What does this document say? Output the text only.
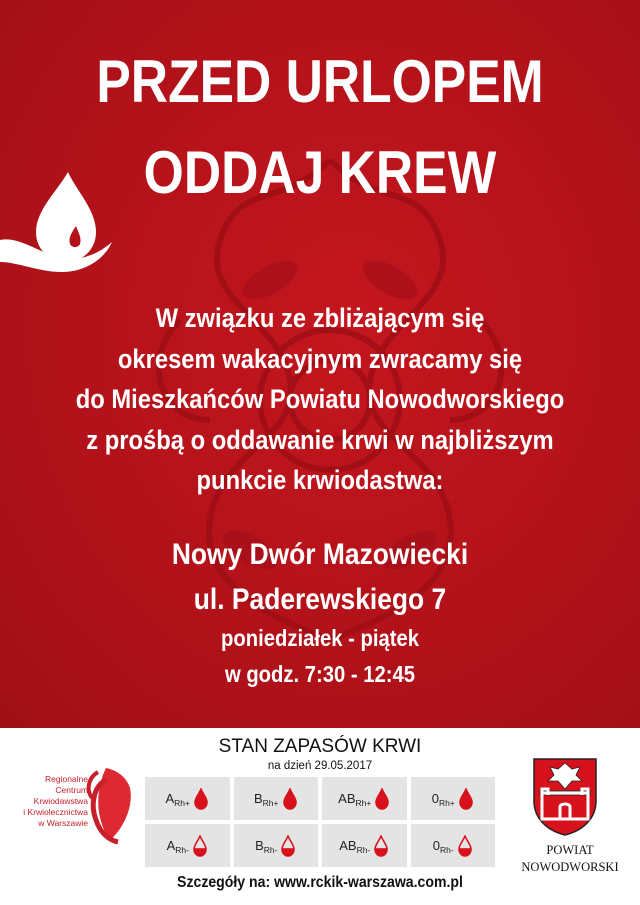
PRZED URLOPEM
ODDAJ KREW
W związku ze zbliżającym się
okresem wakacyjnym zwracamy się
do Mieszkańców Powiatu Nowodworskiego
z prośbą o oddawanie krwi w najbliższym
punkcie krwiodastwa:
Nowy Dwór Mazowiecki
ul. Paderewskiego 7
poniedziałek - piątek
w godz. 7:30 - 12:45
Regionalne
Centrum
Krwiodawstwa
i Krwiolecznictwa
w Warszawie
STAN ZAPASÓW KRWI
na dzień 29.05.2017
A Rh+	B Rh+	AB Rh+	0 Rh+
A Rh-	B Rh-	AB Rh-	0 Rh-	POWIAT
NOWODWORSKI
Szczegóły na: www.rckik-warszawa.com.pl
